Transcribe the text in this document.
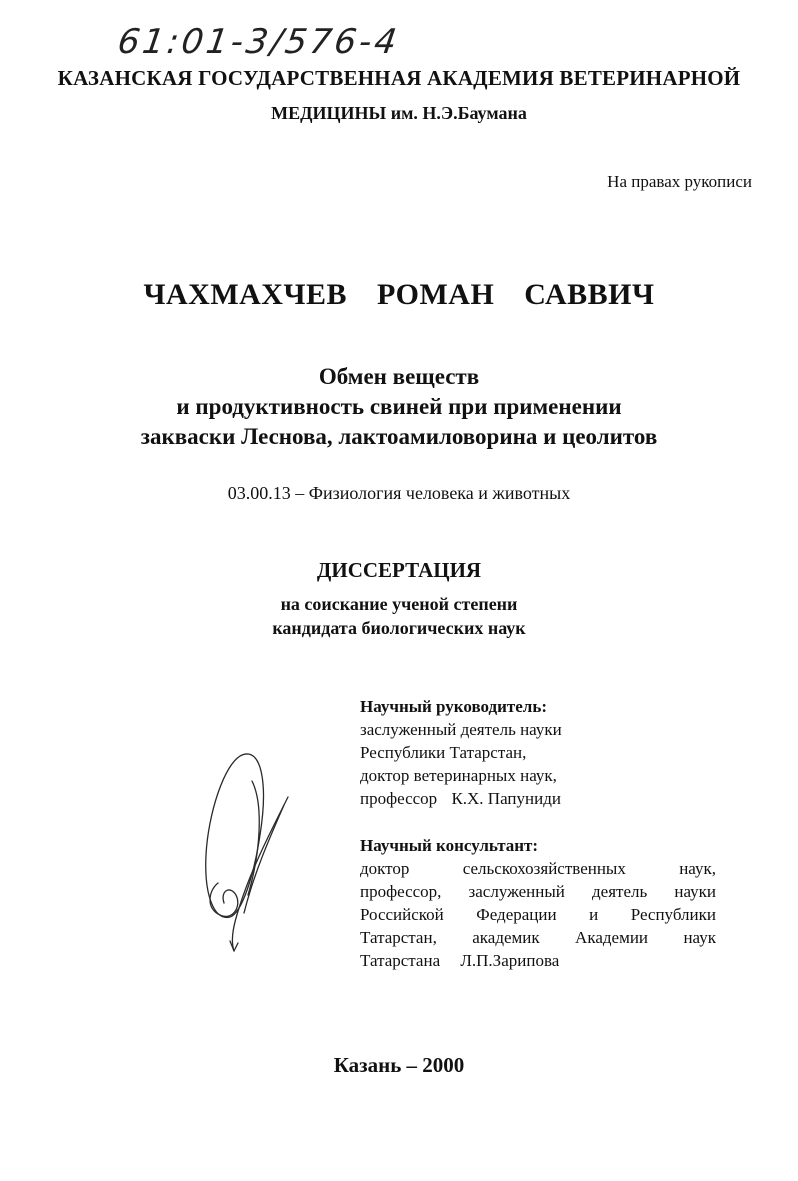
61:01-3/576-4
КАЗАНСКАЯ ГОСУДАРСТВЕННАЯ АКАДЕМИЯ ВЕТЕРИНАРНОЙ
МЕДИЦИНЫ им. Н.Э.Баумана
На правах рукописи
ЧАХМАХЧЕВ РОМАН САВВИЧ
Обмен веществ
и продуктивность свиней при применении
закваски Леснова, лактоамиловорина и цеолитов
03.00.13 – Физиология человека и животных
ДИССЕРТАЦИЯ
на соискание ученой степени
кандидата биологических наук
Научный руководитель:
заслуженный деятель науки
Республики Татарстан,
доктор ветеринарных наук,
профессор К.Х. Папуниди
Научный консультант:
доктор сельскохозяйственных наук,
профессор, заслуженный деятель науки
Российской Федерации и Республики
Татарстан, академик Академии наук
Татарстана Л.П.Зарипова
Казань – 2000
